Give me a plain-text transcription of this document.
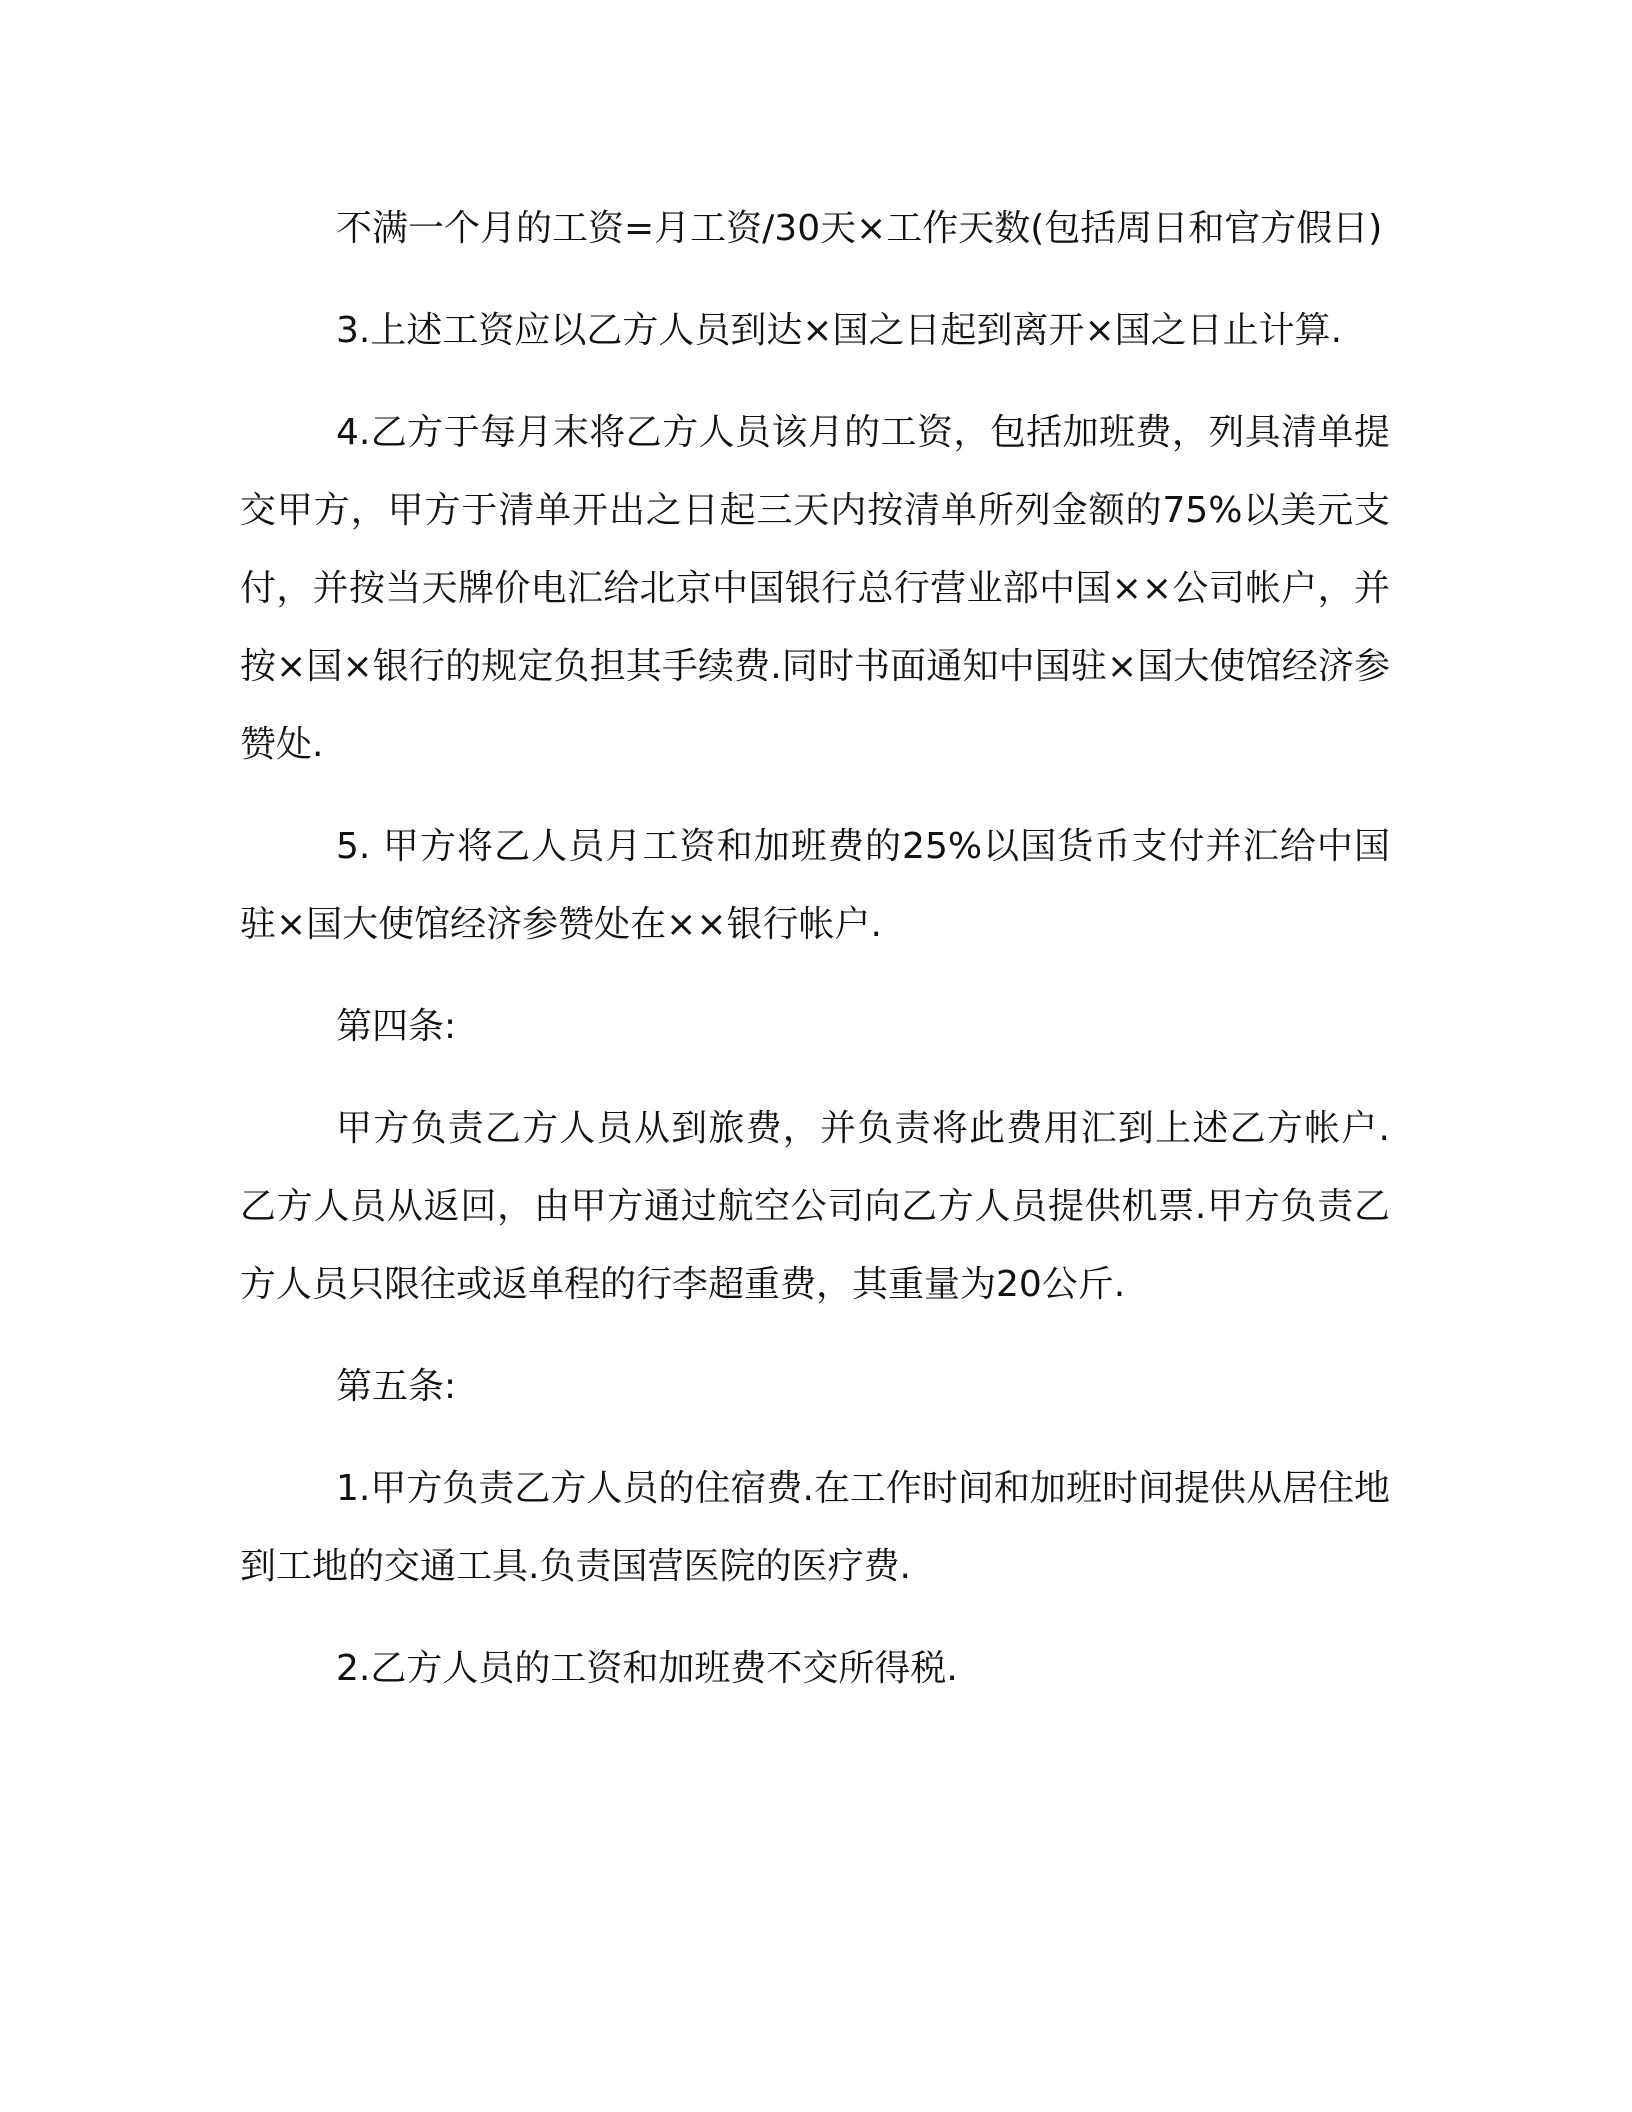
不满一个月的工资=月工资/30天×工作天数(包括周日和官方假日)

3.上述工资应以乙方人员到达×国之日起到离开×国之日止计算.

4.乙方于每月末将乙方人员该月的工资，包括加班费，列具清单提交甲方，甲方于清单开出之日起三天内按清单所列金额的75%以美元支付，并按当天牌价电汇给北京中国银行总行营业部中国××公司帐户，并按×国×银行的规定负担其手续费.同时书面通知中国驻×国大使馆经济参赞处.

5. 甲方将乙人员月工资和加班费的25%以国货币支付并汇给中国驻×国大使馆经济参赞处在××银行帐户.

第四条:

甲方负责乙方人员从到旅费，并负责将此费用汇到上述乙方帐户.乙方人员从返回，由甲方通过航空公司向乙方人员提供机票.甲方负责乙方人员只限往或返单程的行李超重费，其重量为20公斤.

第五条:

1.甲方负责乙方人员的住宿费.在工作时间和加班时间提供从居住地到工地的交通工具.负责国营医院的医疗费.

2.乙方人员的工资和加班费不交所得税.
